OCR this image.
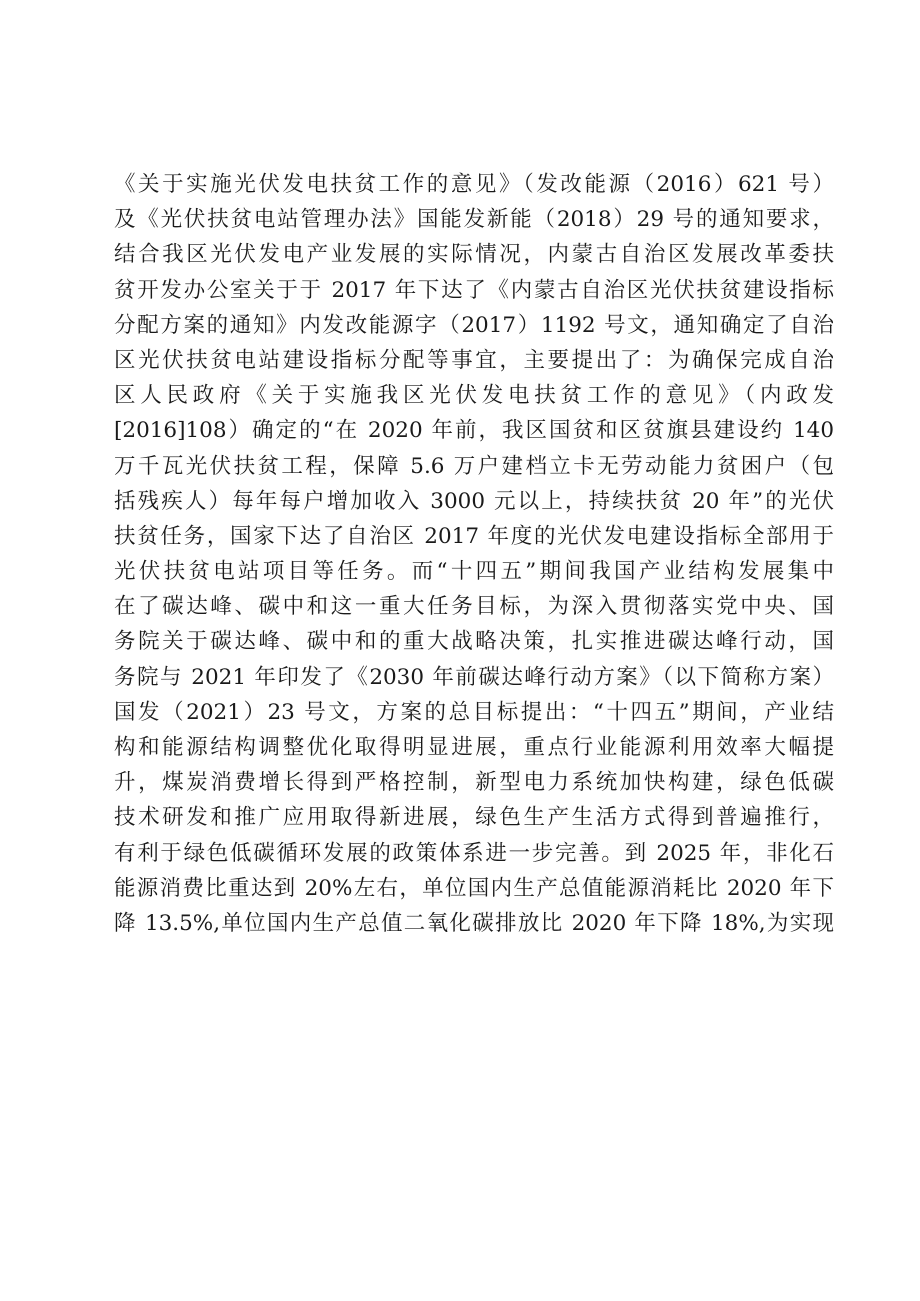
《关于实施光伏发电扶贫工作的意见》（发改能源（2016）621 号）
及《光伏扶贫电站管理办法》国能发新能（2018）29 号的通知要求，
结合我区光伏发电产业发展的实际情况，内蒙古自治区发展改革委扶
贫开发办公室关于于 2017 年下达了《内蒙古自治区光伏扶贫建设指标
分配方案的通知》内发改能源字（2017）1192 号文，通知确定了自治
区光伏扶贫电站建设指标分配等事宜，主要提出了：为确保完成自治
区人民政府《关于实施我区光伏发电扶贫工作的意见》（内政发
[2016]108）确定的“在 2020 年前，我区国贫和区贫旗县建设约 140
万千瓦光伏扶贫工程，保障 5.6 万户建档立卡无劳动能力贫困户（包
括残疾人）每年每户增加收入 3000 元以上，持续扶贫 20 年”的光伏
扶贫任务，国家下达了自治区 2017 年度的光伏发电建设指标全部用于
光伏扶贫电站项目等任务。而“十四五”期间我国产业结构发展集中
在了碳达峰、碳中和这一重大任务目标，为深入贯彻落实党中央、国
务院关于碳达峰、碳中和的重大战略决策，扎实推进碳达峰行动，国
务院与 2021 年印发了《2030 年前碳达峰行动方案》（以下简称方案）
国发（2021）23 号文，方案的总目标提出：“十四五”期间，产业结
构和能源结构调整优化取得明显进展，重点行业能源利用效率大幅提
升，煤炭消费增长得到严格控制，新型电力系统加快构建，绿色低碳
技术研发和推广应用取得新进展，绿色生产生活方式得到普遍推行，
有利于绿色低碳循环发展的政策体系进一步完善。到 2025 年，非化石
能源消费比重达到 20%左右，单位国内生产总值能源消耗比 2020 年下
降 13.5%,单位国内生产总值二氧化碳排放比 2020 年下降 18%,为实现
